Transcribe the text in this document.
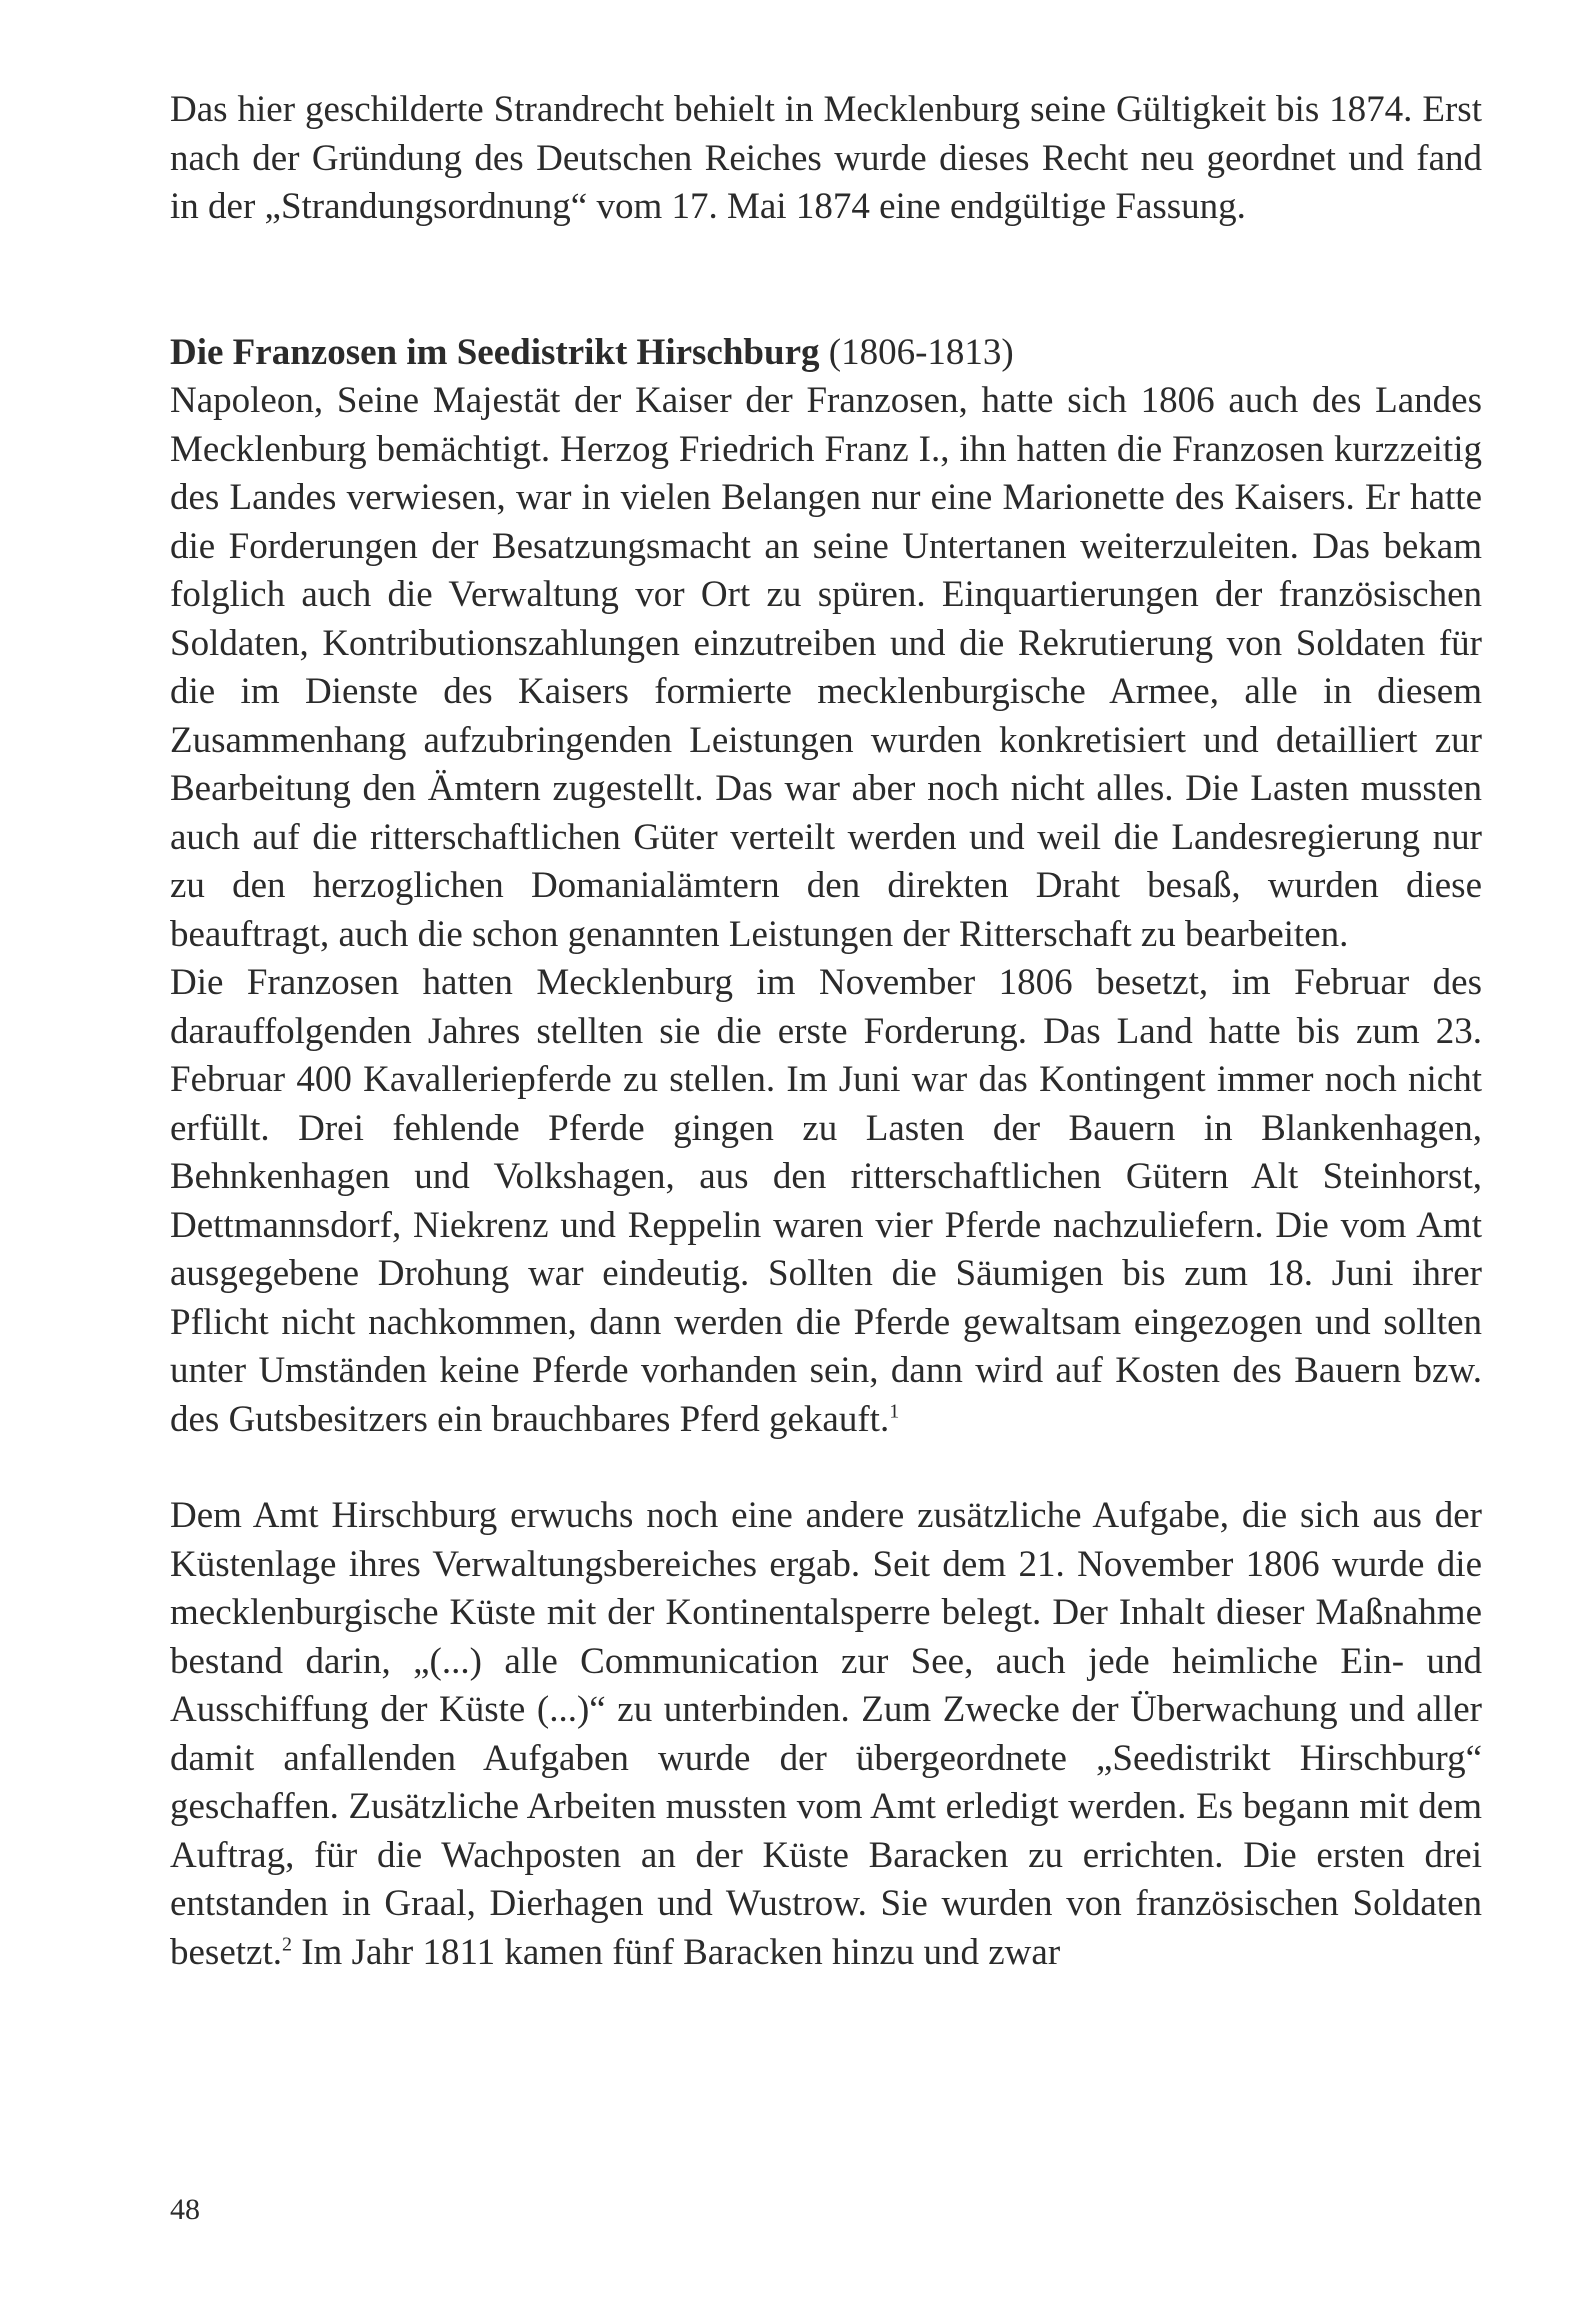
Das hier geschilderte Strandrecht behielt in Mecklenburg seine Gültigkeit bis 1874. Erst nach der Gründung des Deutschen Reiches wurde dieses Recht neu geordnet und fand in der „Strandungsordnung“ vom 17. Mai 1874 eine endgültige Fassung.

Die Franzosen im Seedistrikt Hirschburg (1806-1813)

Napoleon, Seine Majestät der Kaiser der Franzosen, hatte sich 1806 auch des Landes Mecklenburg bemächtigt. Herzog Friedrich Franz I., ihn hatten die Franzosen kurzzeitig des Landes verwiesen, war in vielen Belangen nur eine Marionette des Kaisers. Er hatte die Forderungen der Besatzungsmacht an seine Untertanen weiterzuleiten. Das bekam folglich auch die Verwaltung vor Ort zu spüren. Einquartierungen der französischen Soldaten, Kontributionszahlungen einzutreiben und die Rekrutierung von Soldaten für die im Dienste des Kaisers formierte mecklenburgische Armee, alle in diesem Zusammenhang aufzubringenden Leistungen wurden konkretisiert und detailliert zur Bearbeitung den Ämtern zugestellt. Das war aber noch nicht alles. Die Lasten mussten auch auf die ritterschaftlichen Güter verteilt werden und weil die Landesregierung nur zu den herzoglichen Domanialämtern den direkten Draht besaß, wurden diese beauftragt, auch die schon genannten Leistungen der Ritterschaft zu bearbeiten.

Die Franzosen hatten Mecklenburg im November 1806 besetzt, im Februar des darauffolgenden Jahres stellten sie die erste Forderung. Das Land hatte bis zum 23. Februar 400 Kavalleriepferde zu stellen. Im Juni war das Kontingent immer noch nicht erfüllt. Drei fehlende Pferde gingen zu Lasten der Bauern in Blankenhagen, Behnkenhagen und Volkshagen, aus den ritterschaftlichen Gütern Alt Steinhorst, Dettmannsdorf, Niekrenz und Reppelin waren vier Pferde nachzuliefern. Die vom Amt ausgegebene Drohung war eindeutig. Sollten die Säumigen bis zum 18. Juni ihrer Pflicht nicht nachkommen, dann werden die Pferde gewaltsam eingezogen und sollten unter Umständen keine Pferde vorhanden sein, dann wird auf Kosten des Bauern bzw. des Gutsbesitzers ein brauchbares Pferd gekauft.$^1$

Dem Amt Hirschburg erwuchs noch eine andere zusätzliche Aufgabe, die sich aus der Küstenlage ihres Verwaltungsbereiches ergab. Seit dem 21. November 1806 wurde die mecklenburgische Küste mit der Kontinentalsperre belegt. Der Inhalt dieser Maßnahme bestand darin, „(...) alle Communication zur See, auch jede heimliche Ein- und Ausschiffung der Küste (...)“ zu unterbinden. Zum Zwecke der Überwachung und aller damit anfallenden Aufgaben wurde der übergeordnete „Seedistrikt Hirschburg“ geschaffen. Zusätzliche Arbeiten mussten vom Amt erledigt werden. Es begann mit dem Auftrag, für die Wachposten an der Küste Baracken zu errichten. Die ersten drei entstanden in Graal, Dierhagen und Wustrow. Sie wurden von französischen Soldaten besetzt.$^2$ Im Jahr 1811 kamen fünf Baracken hinzu und zwar

48
